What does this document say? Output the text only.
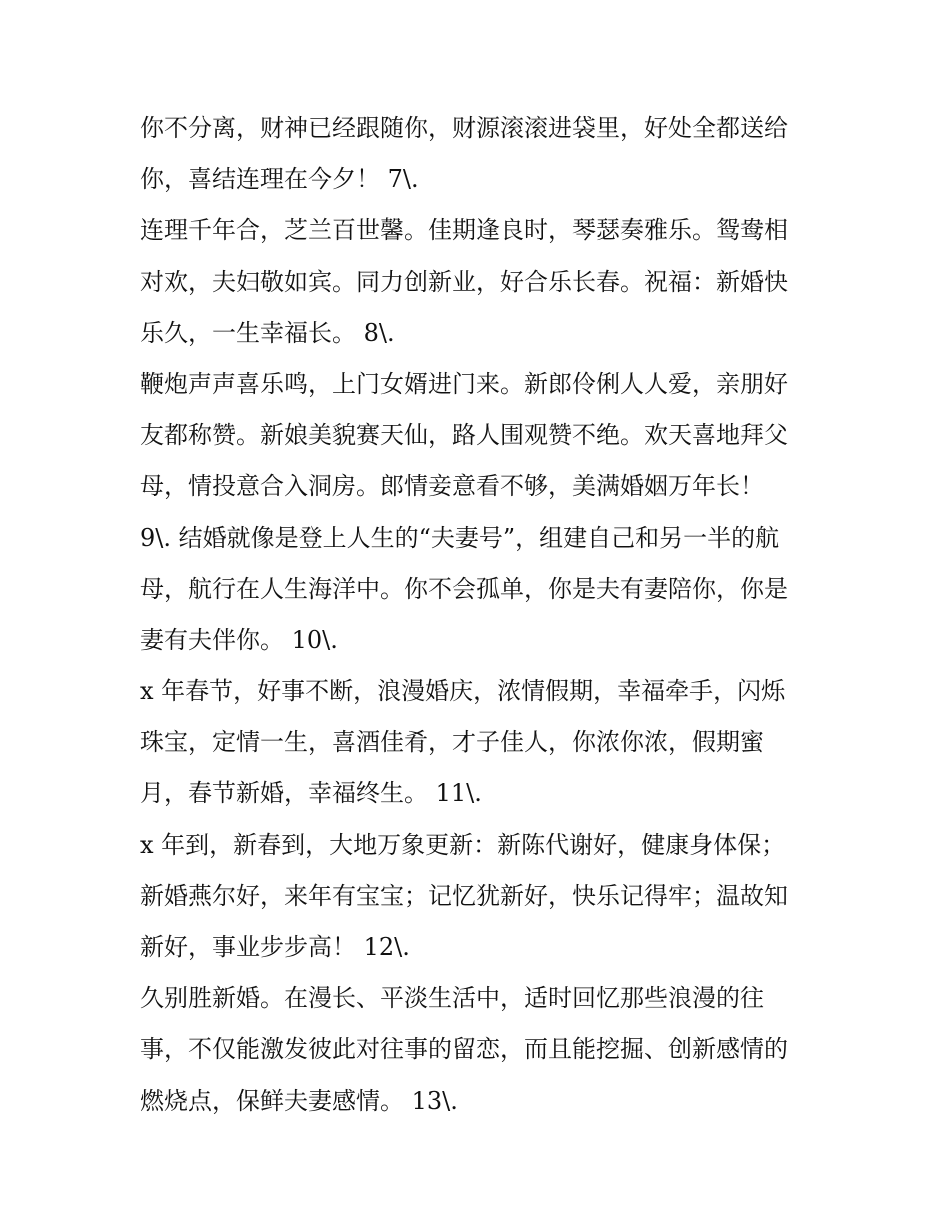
你不分离，财神已经跟随你，财源滚滚进袋里，好处全都送给
你，喜结连理在今夕！ 7\.
连理千年合，芝兰百世馨。佳期逢良时，琴瑟奏雅乐。鸳鸯相
对欢，夫妇敬如宾。同力创新业，好合乐长春。祝福：新婚快
乐久，一生幸福长。 8\.
鞭炮声声喜乐鸣，上门女婿进门来。新郎伶俐人人爱，亲朋好
友都称赞。新娘美貌赛天仙，路人围观赞不绝。欢天喜地拜父
母，情投意合入洞房。郎情妾意看不够，美满婚姻万年长！
9\. 结婚就像是登上人生的“夫妻号”，组建自己和另一半的航
母，航行在人生海洋中。你不会孤单，你是夫有妻陪你，你是
妻有夫伴你。 10\.
x 年春节，好事不断，浪漫婚庆，浓情假期，幸福牵手，闪烁
珠宝，定情一生，喜酒佳肴，才子佳人，你浓你浓，假期蜜
月，春节新婚，幸福终生。 11\.
x 年到，新春到，大地万象更新：新陈代谢好，健康身体保；
新婚燕尔好，来年有宝宝；记忆犹新好，快乐记得牢；温故知
新好，事业步步高！ 12\.
久别胜新婚。在漫长、平淡生活中，适时回忆那些浪漫的往
事，不仅能激发彼此对往事的留恋，而且能挖掘、创新感情的
燃烧点，保鲜夫妻感情。 13\.
